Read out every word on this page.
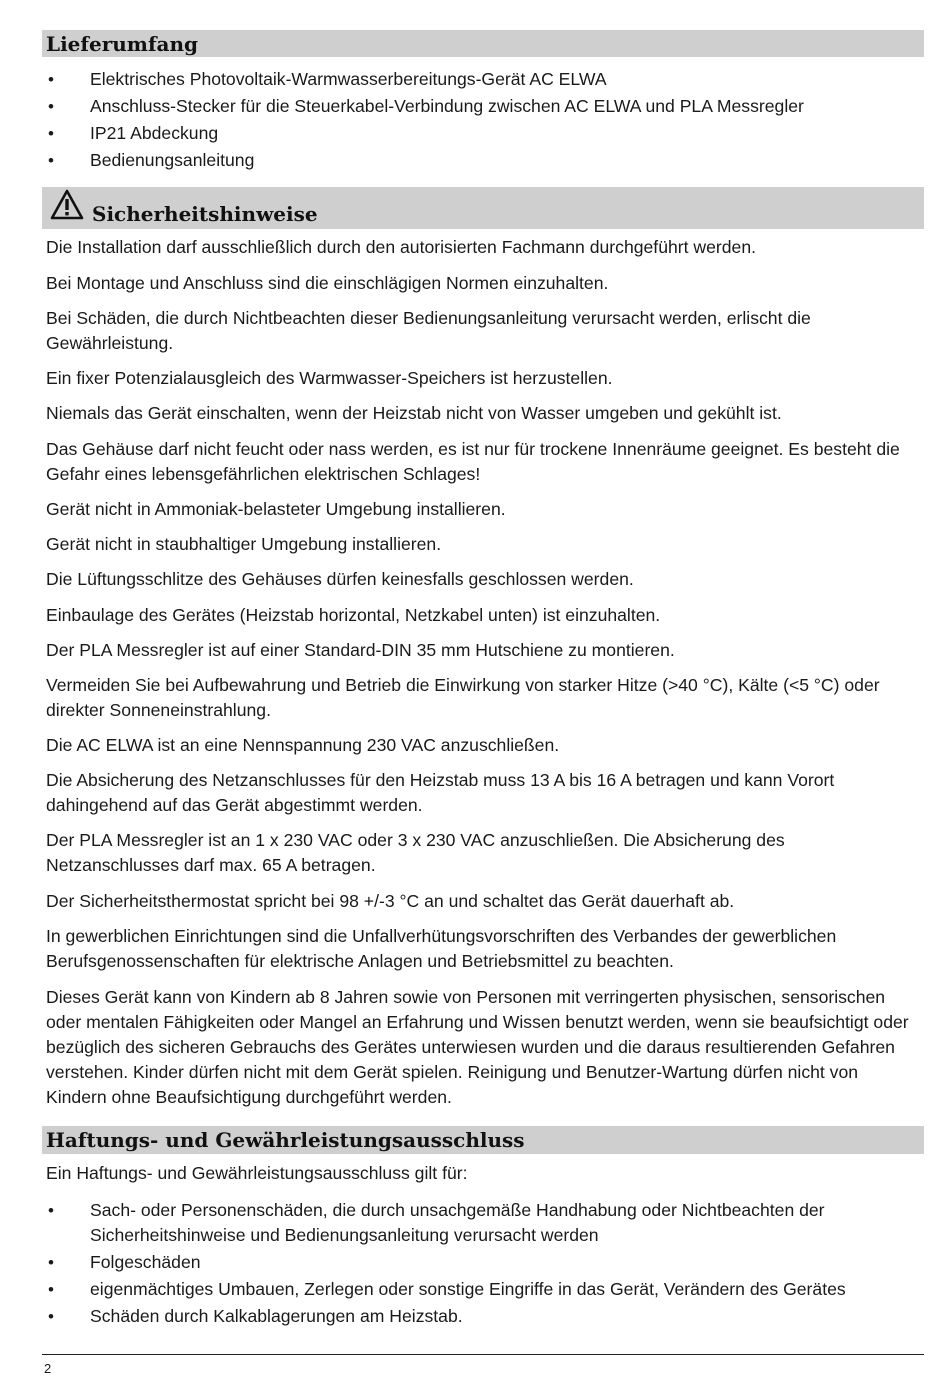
Lieferumfang
• Elektrisches Photovoltaik-Warmwasserbereitungs-Gerät AC ELWA

• Anschluss-Stecker für die Steuerkabel-Verbindung zwischen AC ELWA und PLA Messregler

• IP21 Abdeckung

• Bedienungsanleitung

Sicherheitshinweise

Die Installation darf ausschließlich durch den autorisierten Fachmann durchgeführt werden.

Bei Montage und Anschluss sind die einschlägigen Normen einzuhalten.

Bei Schäden, die durch Nichtbeachten dieser Bedienungsanleitung verursacht werden, erlischt die Gewährleistung.

Ein fixer Potenzialausgleich des Warmwasser-Speichers ist herzustellen.

Niemals das Gerät einschalten, wenn der Heizstab nicht von Wasser umgeben und gekühlt ist.

Das Gehäuse darf nicht feucht oder nass werden, es ist nur für trockene Innenräume geeignet. Es besteht die Gefahr eines lebensgefährlichen elektrischen Schlages!

Gerät nicht in Ammoniak-belasteter Umgebung installieren.

Gerät nicht in staubhaltiger Umgebung installieren.

Die Lüftungsschlitze des Gehäuses dürfen keinesfalls geschlossen werden.

Einbaulage des Gerätes (Heizstab horizontal, Netzkabel unten) ist einzuhalten.

Der PLA Messregler ist auf einer Standard-DIN 35 mm Hutschiene zu montieren.

Vermeiden Sie bei Aufbewahrung und Betrieb die Einwirkung von starker Hitze (>40 °C), Kälte (<5 °C) oder direkter Sonneneinstrahlung.

Die AC ELWA ist an eine Nennspannung 230 VAC anzuschließen.

Die Absicherung des Netzanschlusses für den Heizstab muss 13 A bis 16 A betragen und kann Vorort dahingehend auf das Gerät abgestimmt werden.

Der PLA Messregler ist an 1 x 230 VAC oder 3 x 230 VAC anzuschließen. Die Absicherung des Netzanschlusses darf max. 65 A betragen.

Der Sicherheitsthermostat spricht bei 98 +/-3 °C an und schaltet das Gerät dauerhaft ab.

In gewerblichen Einrichtungen sind die Unfallverhütungsvorschriften des Verbandes der gewerblichen Berufsgenossenschaften für elektrische Anlagen und Betriebsmittel zu beachten.

Dieses Gerät kann von Kindern ab 8 Jahren sowie von Personen mit verringerten physischen, sensorischen oder mentalen Fähigkeiten oder Mangel an Erfahrung und Wissen benutzt werden, wenn sie beaufsichtigt oder bezüglich des sicheren Gebrauchs des Gerätes unterwiesen wurden und die daraus resultierenden Gefahren verstehen. Kinder dürfen nicht mit dem Gerät spielen. Reinigung und Benutzer-Wartung dürfen nicht von Kindern ohne Beaufsichtigung durchgeführt werden.

Haftungs- und Gewährleistungsausschluss

Ein Haftungs- und Gewährleistungsausschluss gilt für:

• Sach- oder Personenschäden, die durch unsachgemäße Handhabung oder Nichtbeachten der Sicherheitshinweise und Bedienungsanleitung verursacht werden

• Folgeschäden

• eigenmächtiges Umbauen, Zerlegen oder sonstige Eingriffe in das Gerät, Verändern des Gerätes

• Schäden durch Kalkablagerungen am Heizstab.

2
